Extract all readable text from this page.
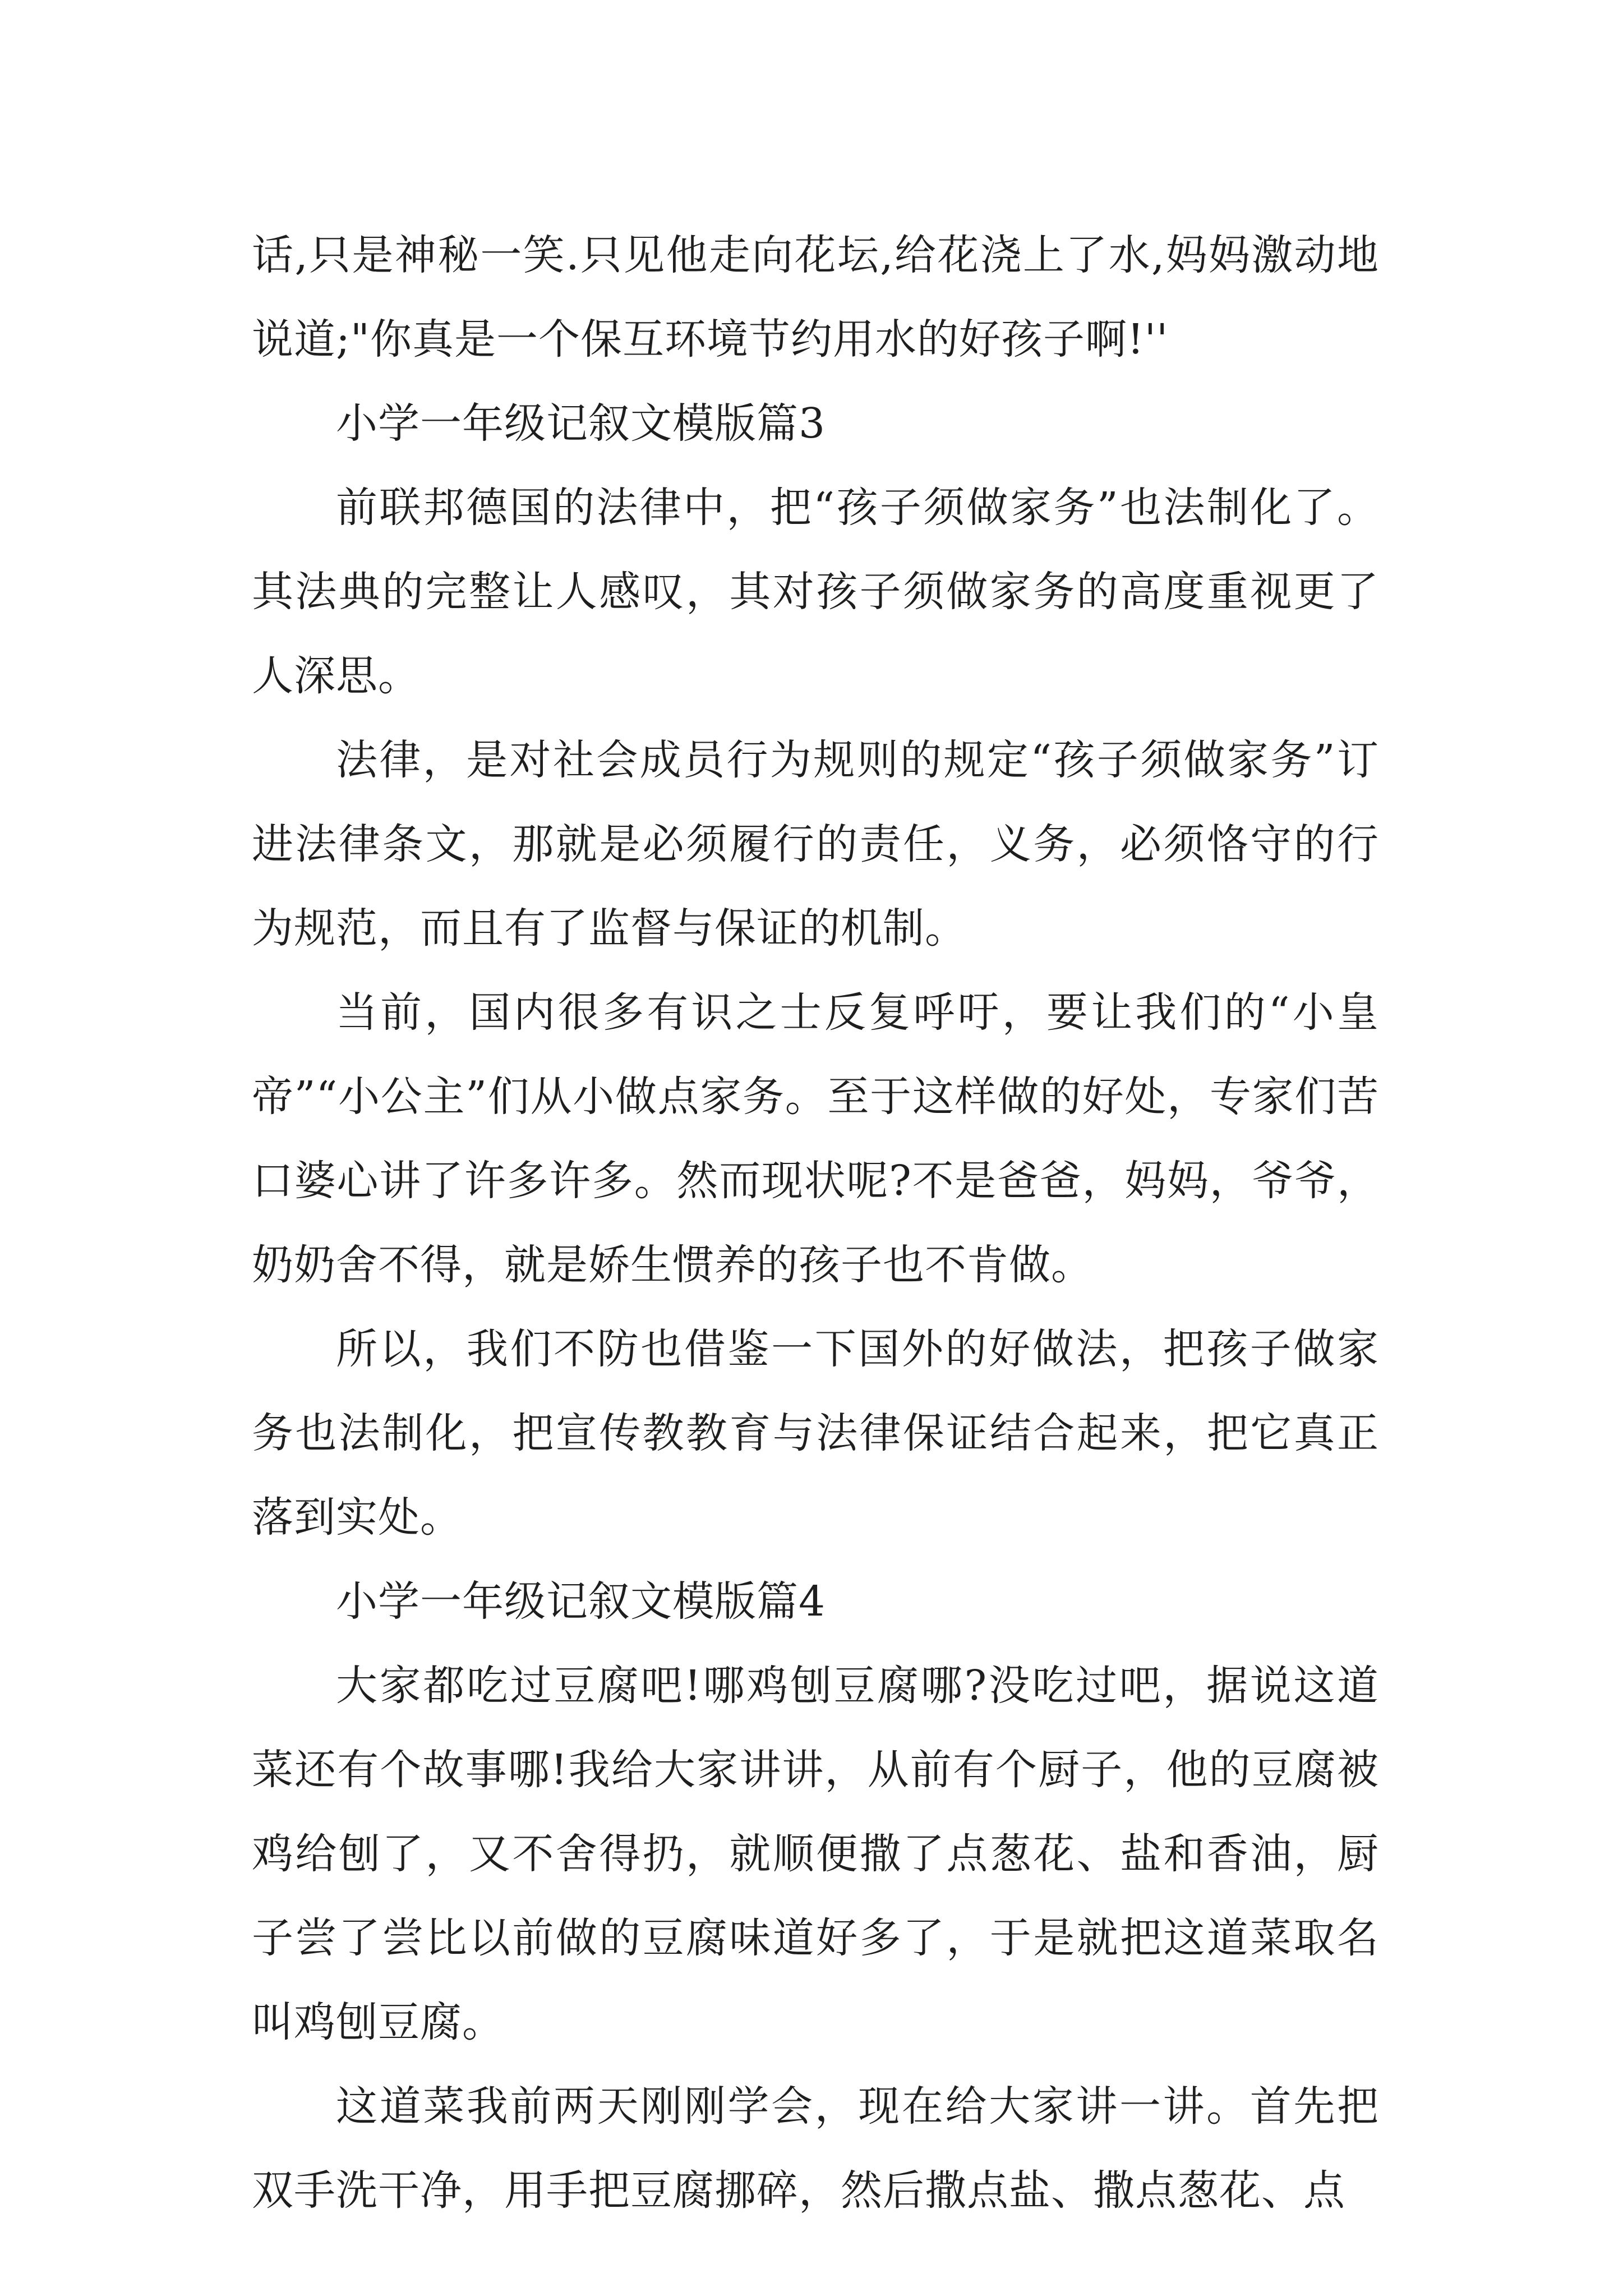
话,只是神秘一笑.只见他走向花坛,给花浇上了水,妈妈激动地说道;"你真是一个保互环境节约用水的好孩子啊!''

小学一年级记叙文模版篇3

前联邦德国的法律中，把“孩子须做家务”也法制化了。其法典的完整让人感叹，其对孩子须做家务的高度重视更了人深思。

法律，是对社会成员行为规则的规定“孩子须做家务”订进法律条文，那就是必须履行的责任，义务，必须恪守的行为规范，而且有了监督与保证的机制。

当前，国内很多有识之士反复呼吁，要让我们的“小皇帝”“小公主”们从小做点家务。至于这样做的好处，专家们苦口婆心讲了许多许多。然而现状呢?不是爸爸，妈妈，爷爷，奶奶舍不得，就是娇生惯养的孩子也不肯做。

所以，我们不防也借鉴一下国外的好做法，把孩子做家务也法制化，把宣传教教育与法律保证结合起来，把它真正落到实处。

小学一年级记叙文模版篇4

大家都吃过豆腐吧!哪鸡刨豆腐哪?没吃过吧，据说这道菜还有个故事哪!我给大家讲讲，从前有个厨子，他的豆腐被鸡给刨了，又不舍得扔，就顺便撒了点葱花、盐和香油，厨子尝了尝比以前做的豆腐味道好多了，于是就把这道菜取名叫鸡刨豆腐。

这道菜我前两天刚刚学会，现在给大家讲一讲。首先把双手洗干净，用手把豆腐挪碎，然后撒点盐、撒点葱花、点
